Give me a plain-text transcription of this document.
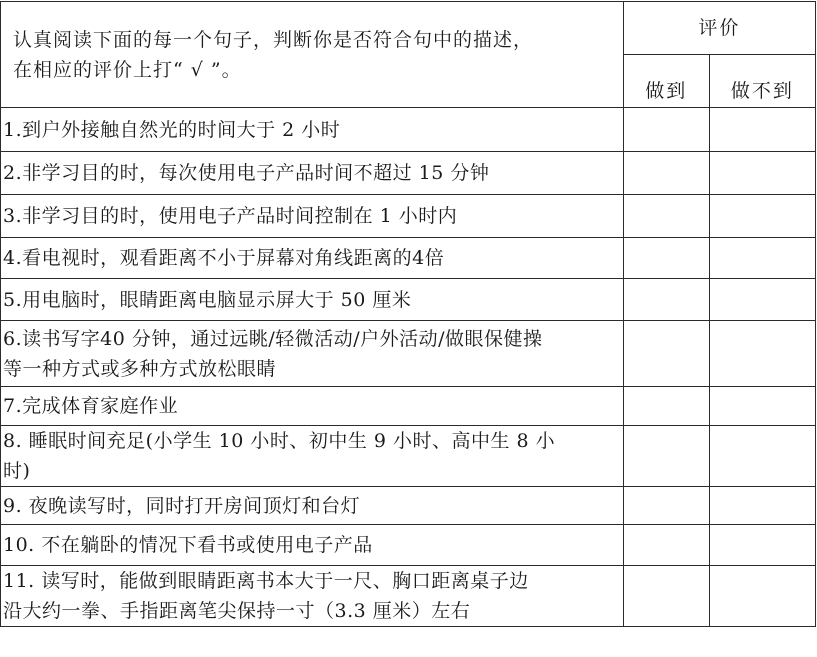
认真阅读下面的每一个句子，判断你是否符合句中的描述，
在相应的评价上打“ √ ”。	评价	
	做到	做不到

1.到户外接触自然光的时间大于 2 小时		

2.非学习目的时，每次使用电子产品时间不超过 15 分钟		

3.非学习目的时，使用电子产品时间控制在 1 小时内		

4.看电视时，观看距离不小于屏幕对角线距离的4倍		

5.用电脑时，眼睛距离电脑显示屏大于 50 厘米		

6.读书写字40 分钟，通过远眺/轻微活动/户外活动/做眼保健操
等一种方式或多种方式放松眼睛		

7.完成体育家庭作业		

8. 睡眠时间充足(小学生 10 小时、初中生 9 小时、高中生 8 小
时)		

9. 夜晚读写时，同时打开房间顶灯和台灯		

10. 不在躺卧的情况下看书或使用电子产品		

11. 读写时，能做到眼睛距离书本大于一尺、胸口距离桌子边
沿大约一拳、手指距离笔尖保持一寸（3.3 厘米）左右		
